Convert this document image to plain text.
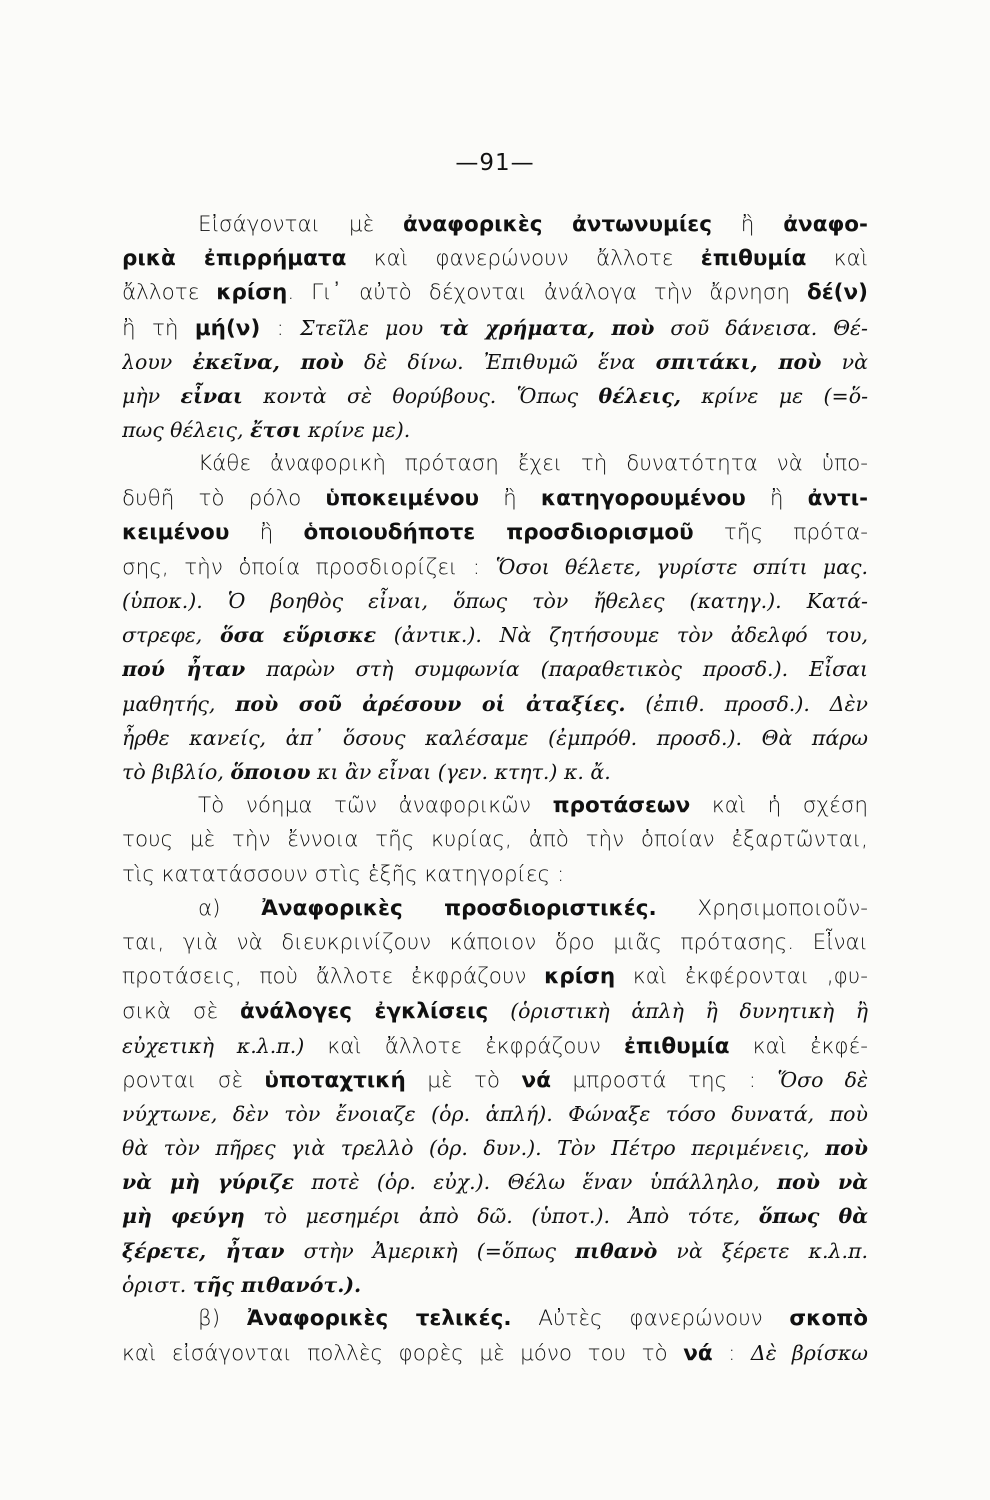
—91—
Εἰσάγονται μὲ ἀναφορικὲς ἀντωνυμίες ἢ ἀναφο-
ρικὰ ἐπιρρήματα καὶ φανερώνουν ἄλλοτε ἐπιθυμία καὶ
ἄλλοτε κρίση. Γι᾽ αὐτὸ δέχονται ἀνάλογα τὴν ἄρνηση δέ(ν)
ἢ τὴ μή(ν) : Στεῖλε μου τὰ χρήματα, ποὺ σοῦ δάνεισα. Θέ-
λουν ἐκεῖνα, ποὺ δὲ δίνω. Ἐπιθυμῶ ἕνα σπιτάκι, ποὺ νὰ
μὴν εἶναι κοντὰ σὲ θορύβους. Ὅπως θέλεις, κρίνε με (=ὅ-
πως θέλεις, ἔτσι κρίνε με).
Κάθε ἀναφορικὴ πρόταση ἔχει τὴ δυνατότητα νὰ ὑπο-
δυθῆ τὸ ρόλο ὑποκειμένου ἢ κατηγορουμένου ἢ ἀντι-
κειμένου ἢ ὁποιουδήποτε προσδιορισμοῦ τῆς πρότα-
σης, τὴν ὁποία προσδιορίζει : Ὅσοι θέλετε, γυρίστε σπίτι μας.
(ὑποκ.). Ὁ βοηθὸς εἶναι, ὅπως τὸν ἤθελες (κατηγ.). Κατά-
στρεφε, ὅσα εὕρισκε (ἀντικ.). Νὰ ζητήσουμε τὸν ἀδελφό του,
πού ἦταν παρὼν στὴ συμφωνία (παραθετικὸς προσδ.). Εἶσαι
μαθητής, ποὺ σοῦ ἀρέσουν οἱ ἀταξίες. (ἐπιθ. προσδ.). Δὲν
ἦρθε κανείς, ἀπ᾽ ὅσους καλέσαμε (ἐμπρόθ. προσδ.). Θὰ πάρω
τὸ βιβλίο, ὅποιου κι ἂν εἶναι (γεν. κτητ.) κ. ἄ.
Τὸ νόημα τῶν ἀναφορικῶν προτάσεων καὶ ἡ σχέση
τους μὲ τὴν ἔννοια τῆς κυρίας, ἀπὸ τὴν ὁποίαν ἐξαρτῶνται,
τὶς κατατάσσουν στὶς ἑξῆς κατηγορίες :
α) Ἀναφορικὲς προσδιοριστικές. Χρησιμοποιοῦν-
ται, γιὰ νὰ διευκρινίζουν κάποιον ὅρο μιᾶς πρότασης. Εἶναι
προτάσεις, ποὺ ἄλλοτε ἐκφράζουν κρίση καὶ ἐκφέρονται ‚φυ-
σικὰ σὲ ἀνάλογες ἐγκλίσεις (ὁριστικὴ ἁπλὴ ἢ δυνητικὴ ἢ
εὐχετικὴ κ.λ.π.) καὶ ἄλλοτε ἐκφράζουν ἐπιθυμία καὶ ἐκφέ-
ρονται σὲ ὑποταχτική μὲ τὸ νά μπροστά της : Ὅσο δὲ
νύχτωνε, δὲν τὸν ἔνοιαζε (ὁρ. ἁπλή). Φώναξε τόσο δυνατά, ποὺ
θὰ τὸν πῆρες γιὰ τρελλὸ (ὁρ. δυν.). Τὸν Πέτρο περιμένεις, ποὺ
νὰ μὴ γύριζε ποτὲ (ὁρ. εὐχ.). Θέλω ἕναν ὑπάλληλο, ποὺ νὰ
μὴ φεύγη τὸ μεσημέρι ἀπὸ δῶ. (ὑποτ.). Ἀπὸ τότε, ὅπως θὰ
ξέρετε, ἦταν στὴν Ἀμερικὴ (=ὅπως πιθανὸ νὰ ξέρετε κ.λ.π.
ὁριστ. τῆς πιθανότ.).
β) Ἀναφορικὲς τελικές. Αὐτὲς φανερώνουν σκοπὸ
καὶ εἰσάγονται πολλὲς φορὲς μὲ μόνο του τὸ νά : Δὲ βρίσκω
